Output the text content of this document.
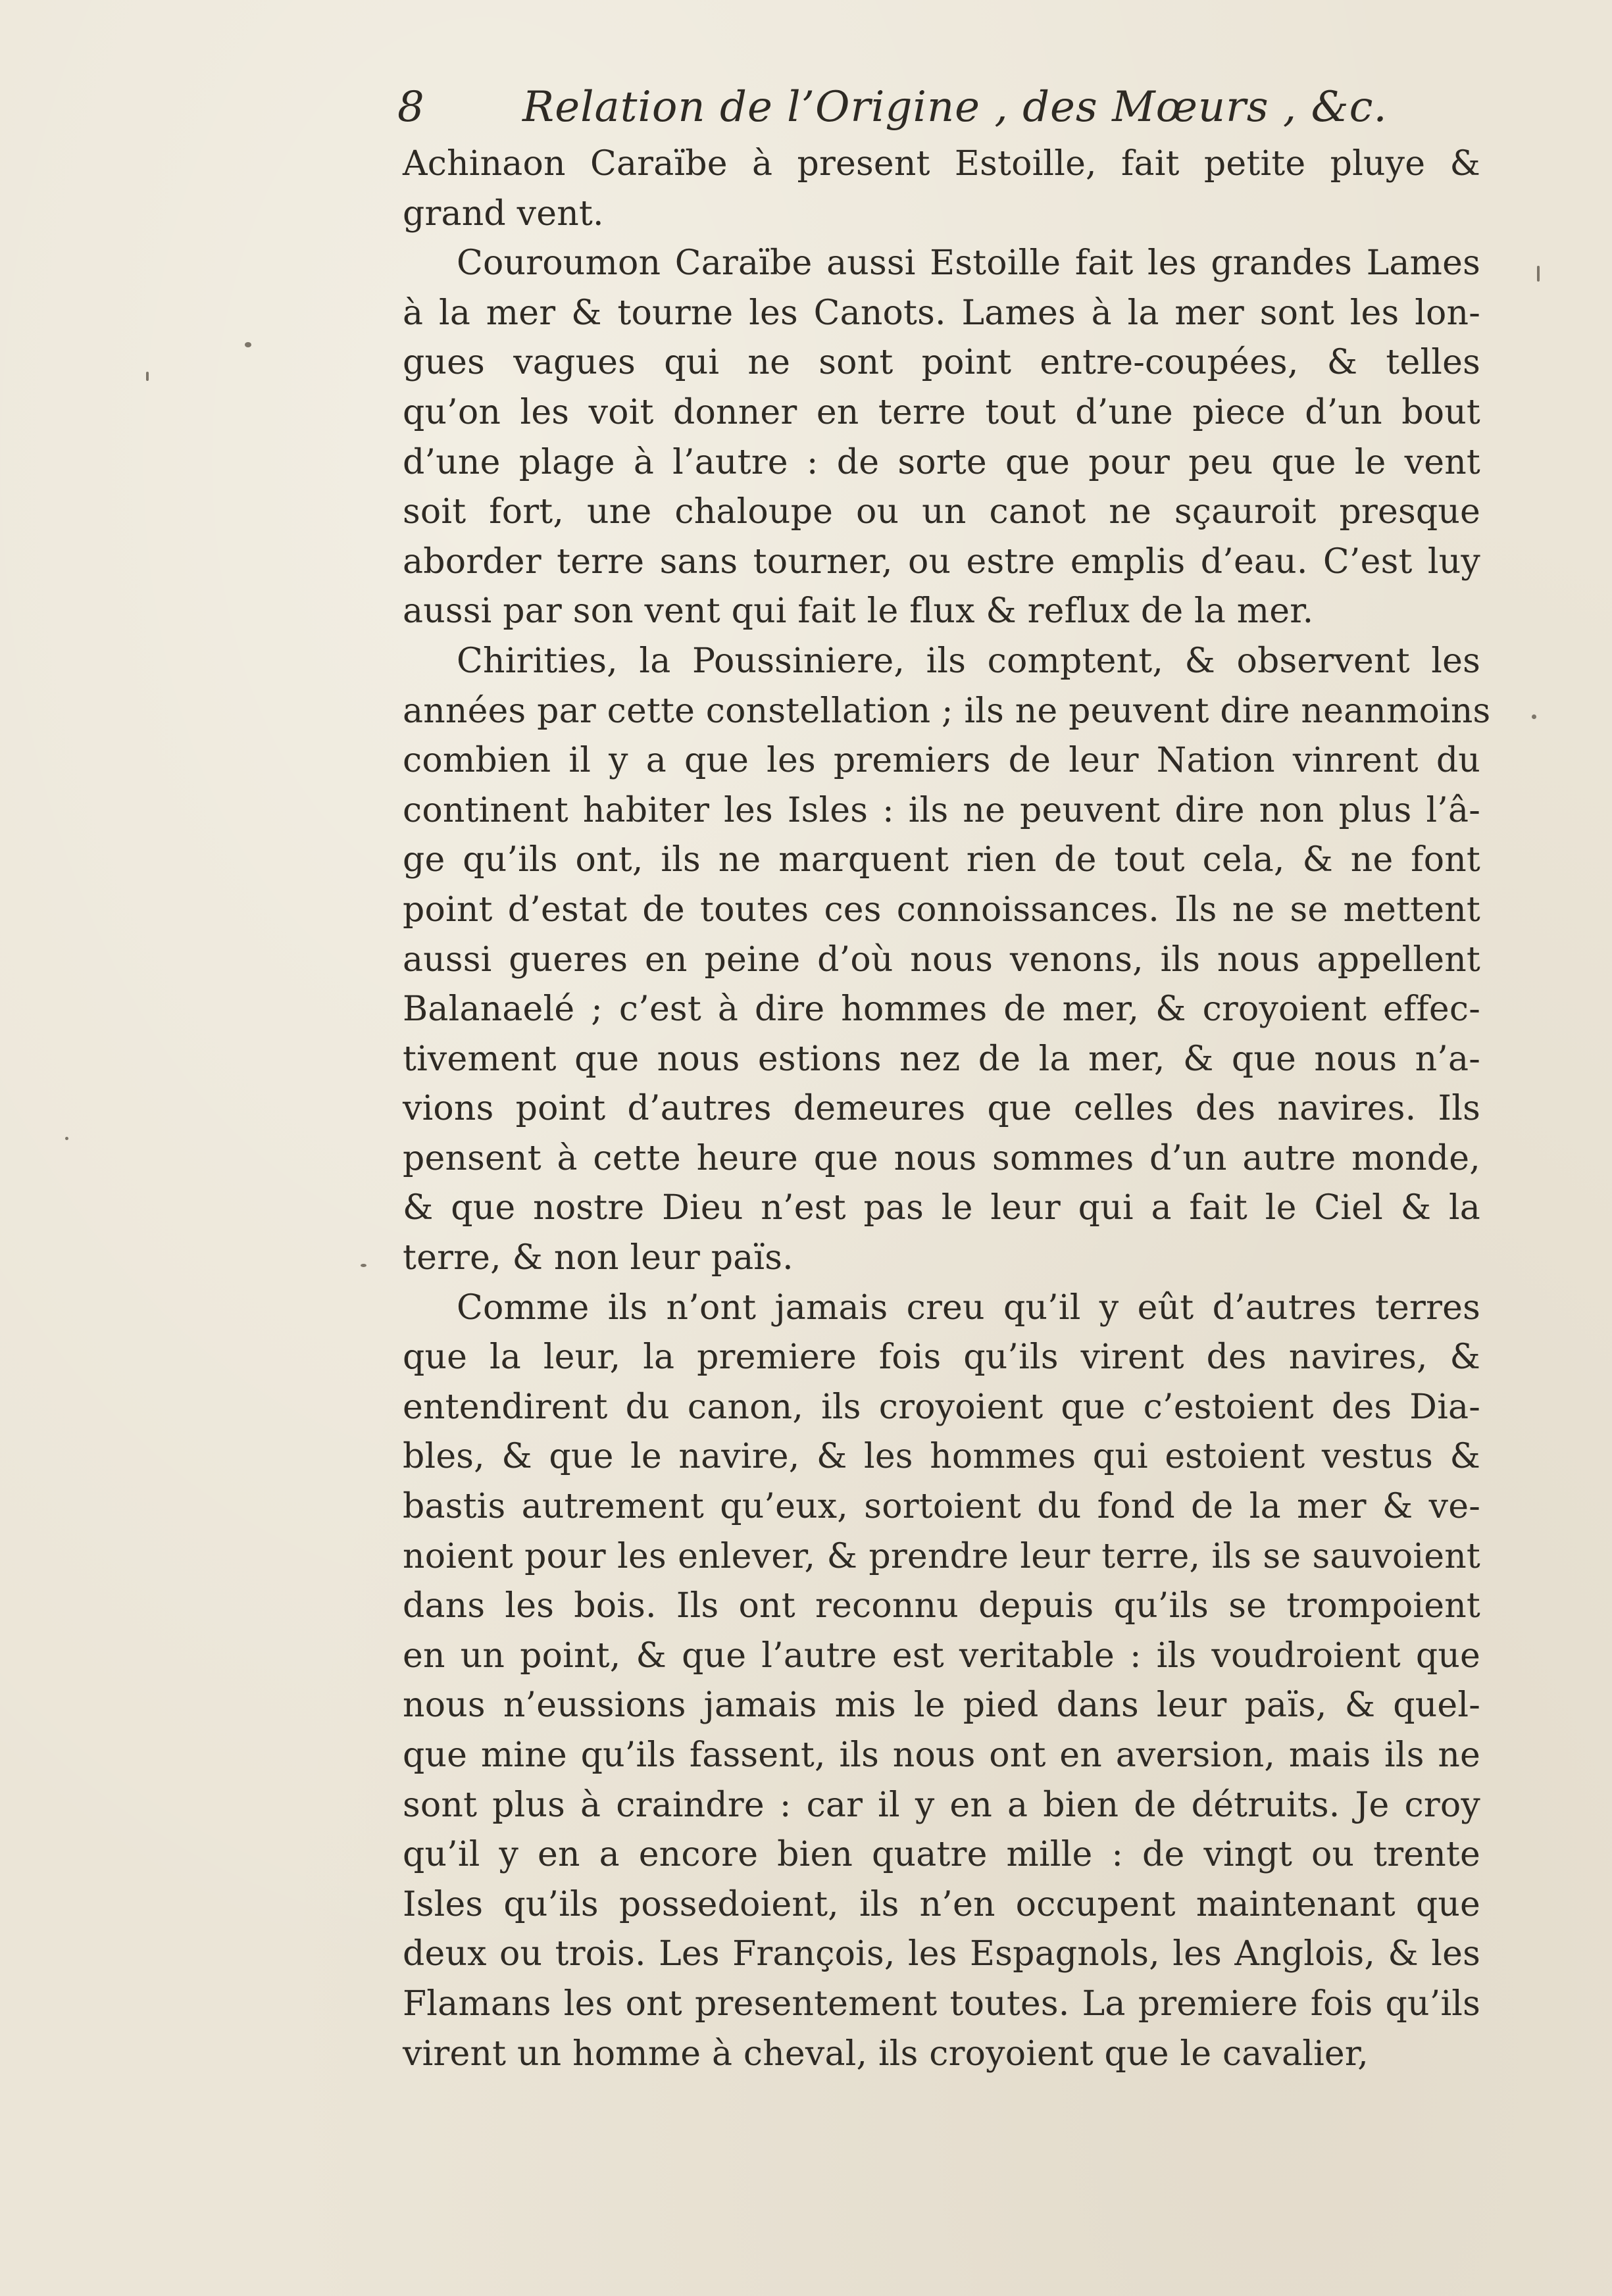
8 Relation de l’Origine , des Mœurs , &c.
Achinaon Caraïbe à present Estoille, fait petite pluye &
grand vent.
Couroumon Caraïbe aussi Estoille fait les grandes Lames
à la mer & tourne les Canots. Lames à la mer sont les lon-
gues vagues qui ne sont point entre-coupées, & telles
qu’on les voit donner en terre tout d’une piece d’un bout
d’une plage à l’autre : de sorte que pour peu que le vent
soit fort, une chaloupe ou un canot ne sçauroit presque
aborder terre sans tourner, ou estre emplis d’eau. C’est luy
aussi par son vent qui fait le flux & reflux de la mer.
Chirities, la Poussiniere, ils comptent, & observent les
années par cette constellation ; ils ne peuvent dire neanmoins
combien il y a que les premiers de leur Nation vinrent du
continent habiter les Isles : ils ne peuvent dire non plus l’â-
ge qu’ils ont, ils ne marquent rien de tout cela, & ne font
point d’estat de toutes ces connoissances. Ils ne se mettent
aussi gueres en peine d’où nous venons, ils nous appellent
Balanaelé ; c’est à dire hommes de mer, & croyoient effec-
tivement que nous estions nez de la mer, & que nous n’a-
vions point d’autres demeures que celles des navires. Ils
pensent à cette heure que nous sommes d’un autre monde,
& que nostre Dieu n’est pas le leur qui a fait le Ciel & la
terre, & non leur païs.
Comme ils n’ont jamais creu qu’il y eût d’autres terres
que la leur, la premiere fois qu’ils virent des navires, &
entendirent du canon, ils croyoient que c’estoient des Dia-
bles, & que le navire, & les hommes qui estoient vestus &
bastis autrement qu’eux, sortoient du fond de la mer & ve-
noient pour les enlever, & prendre leur terre, ils se sauvoient
dans les bois. Ils ont reconnu depuis qu’ils se trompoient
en un point, & que l’autre est veritable : ils voudroient que
nous n’eussions jamais mis le pied dans leur païs, & quel-
que mine qu’ils fassent, ils nous ont en aversion, mais ils ne
sont plus à craindre : car il y en a bien de détruits. Je croy
qu’il y en a encore bien quatre mille : de vingt ou trente
Isles qu’ils possedoient, ils n’en occupent maintenant que
deux ou trois. Les François, les Espagnols, les Anglois, & les
Flamans les ont presentement toutes. La premiere fois qu’ils
virent un homme à cheval, ils croyoient que le cavalier,
